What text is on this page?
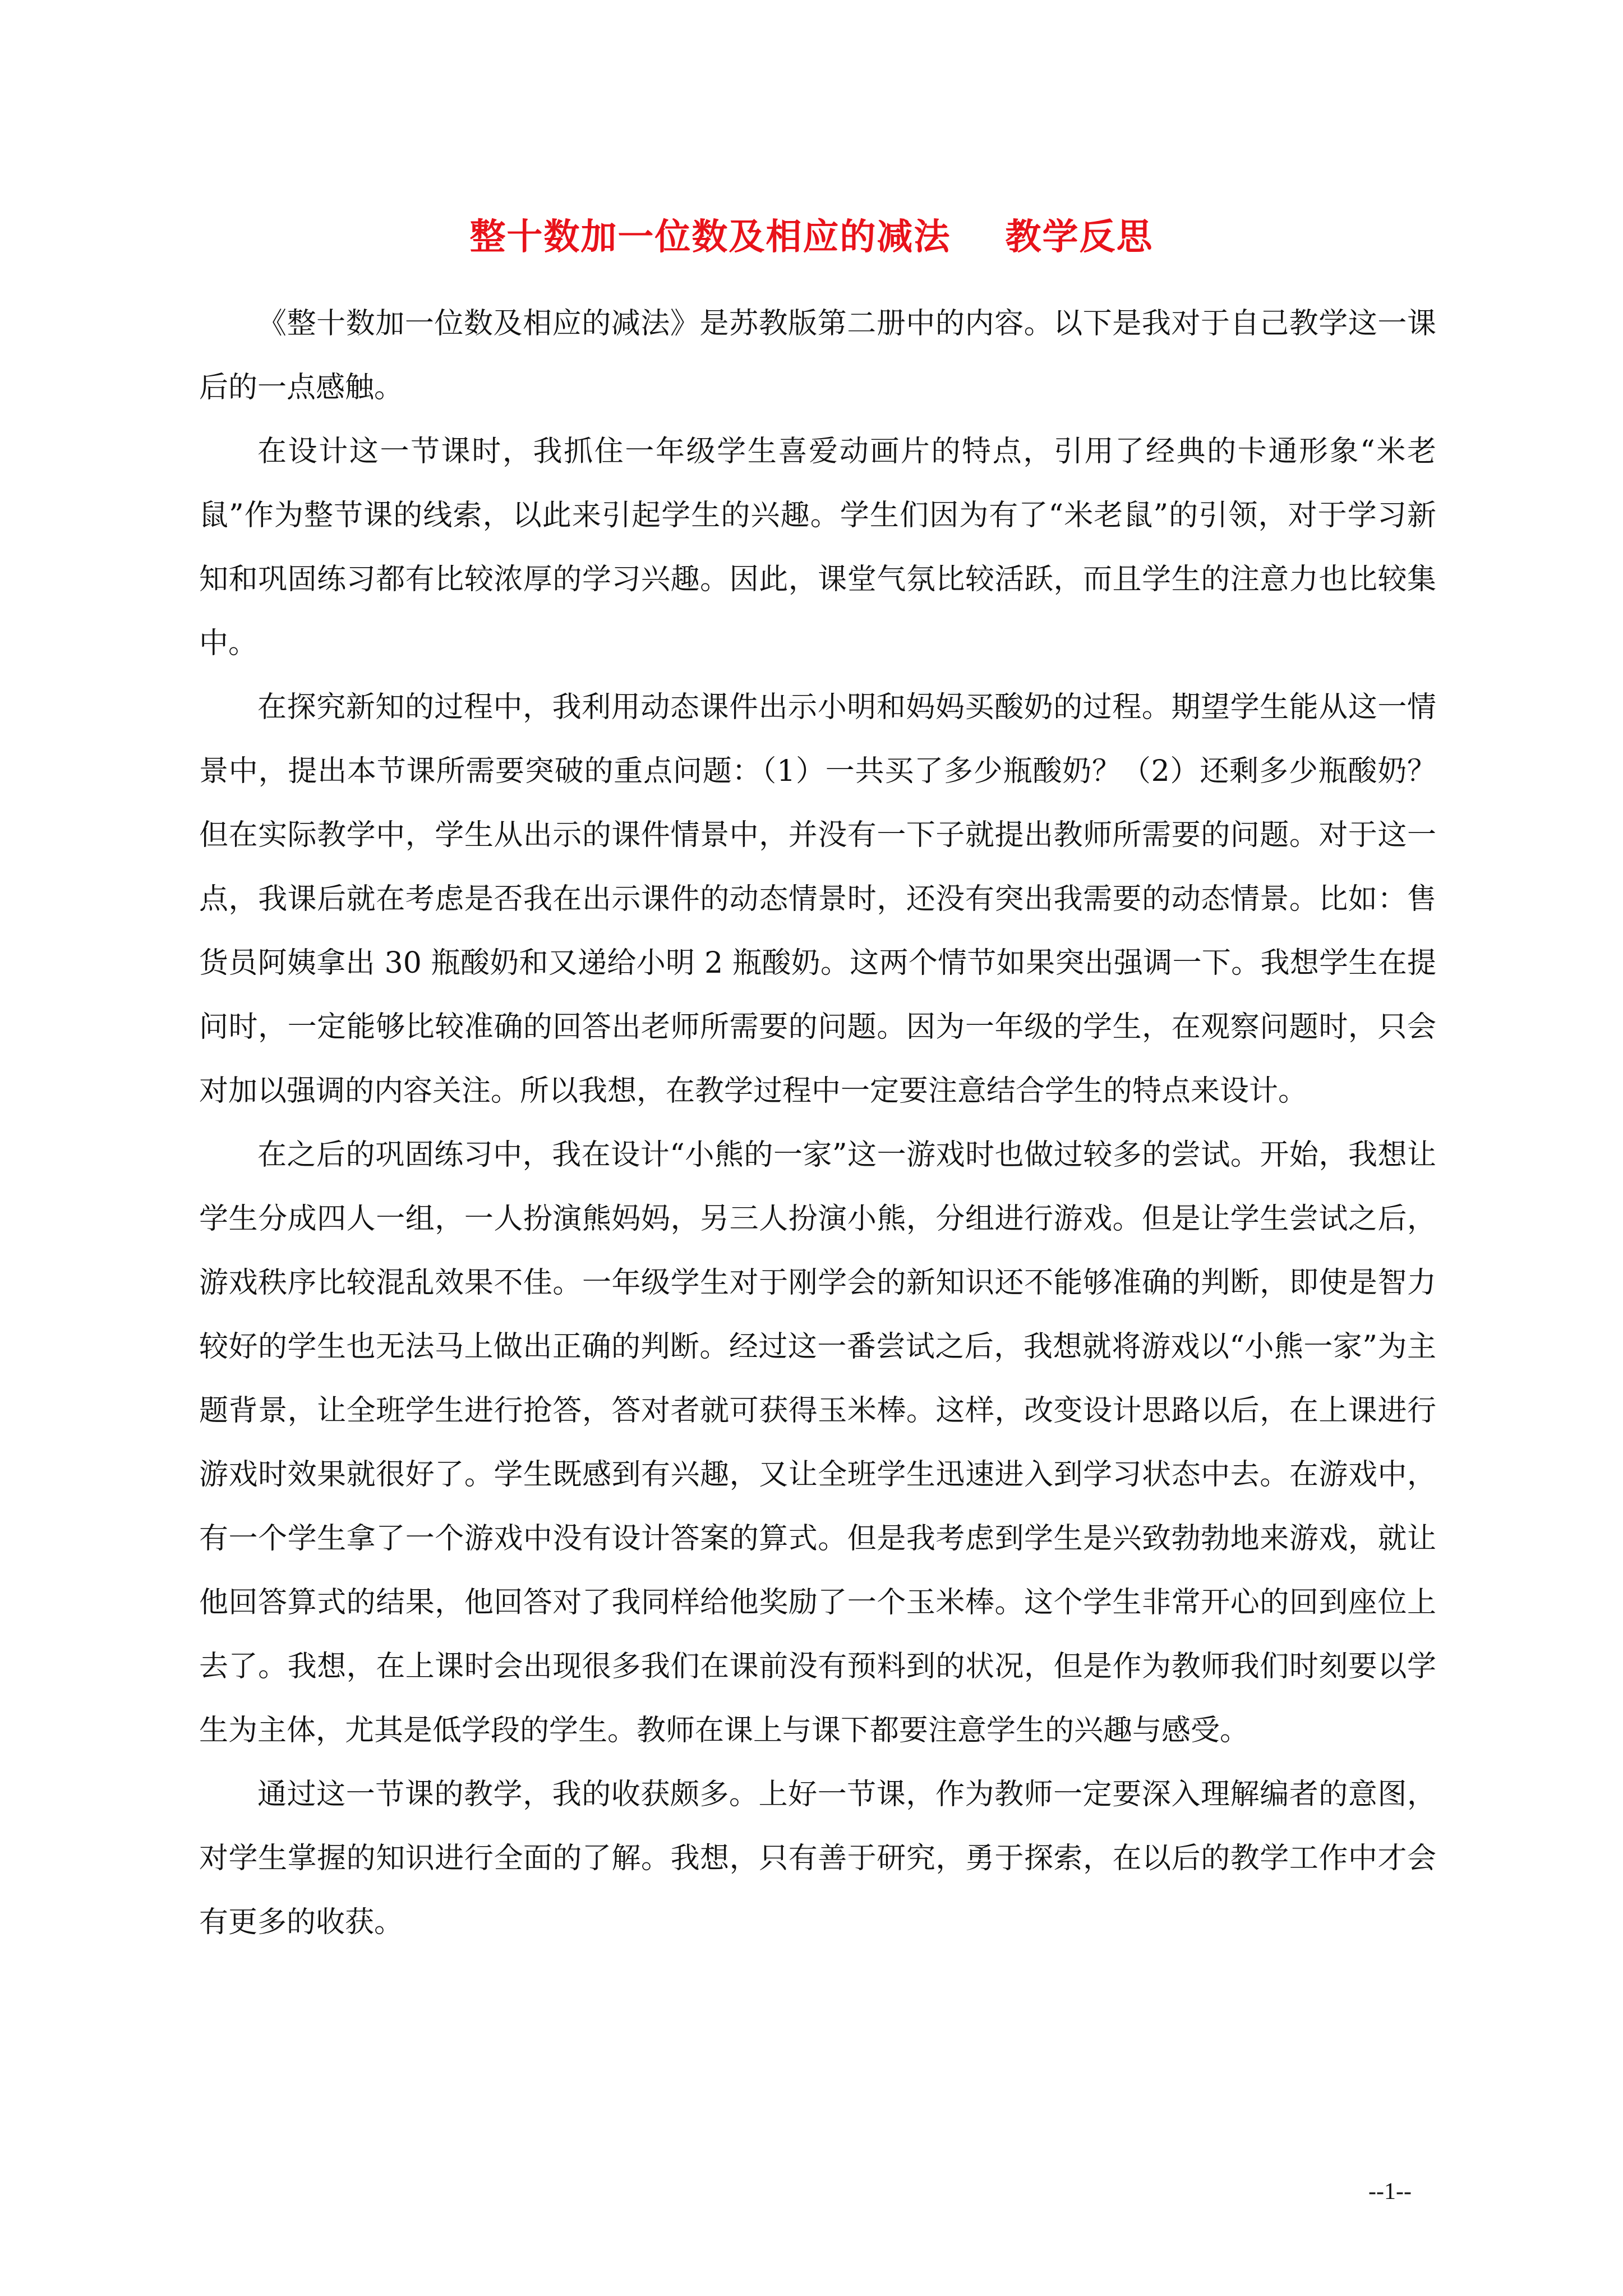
整十数加一位数及相应的减法    教学反思

《整十数加一位数及相应的减法》是苏教版第二册中的内容。以下是我对于自己教学这一课后的一点感触。

在设计这一节课时，我抓住一年级学生喜爱动画片的特点，引用了经典的卡通形象“米老鼠”作为整节课的线索，以此来引起学生的兴趣。学生们因为有了“米老鼠”的引领，对于学习新知和巩固练习都有比较浓厚的学习兴趣。因此，课堂气氛比较活跃，而且学生的注意力也比较集中。

在探究新知的过程中，我利用动态课件出示小明和妈妈买酸奶的过程。期望学生能从这一情景中，提出本节课所需要突破的重点问题：（1）一共买了多少瓶酸奶？（2）还剩多少瓶酸奶？但在实际教学中，学生从出示的课件情景中，并没有一下子就提出教师所需要的问题。对于这一点，我课后就在考虑是否我在出示课件的动态情景时，还没有突出我需要的动态情景。比如：售货员阿姨拿出 30 瓶酸奶和又递给小明 2 瓶酸奶。这两个情节如果突出强调一下。我想学生在提问时，一定能够比较准确的回答出老师所需要的问题。因为一年级的学生，在观察问题时，只会对加以强调的内容关注。所以我想，在教学过程中一定要注意结合学生的特点来设计。

在之后的巩固练习中，我在设计“小熊的一家”这一游戏时也做过较多的尝试。开始，我想让学生分成四人一组，一人扮演熊妈妈，另三人扮演小熊，分组进行游戏。但是让学生尝试之后，游戏秩序比较混乱效果不佳。一年级学生对于刚学会的新知识还不能够准确的判断，即使是智力较好的学生也无法马上做出正确的判断。经过这一番尝试之后，我想就将游戏以“小熊一家”为主题背景，让全班学生进行抢答，答对者就可获得玉米棒。这样，改变设计思路以后，在上课进行游戏时效果就很好了。学生既感到有兴趣，又让全班学生迅速进入到学习状态中去。在游戏中，有一个学生拿了一个游戏中没有设计答案的算式。但是我考虑到学生是兴致勃勃地来游戏，就让他回答算式的结果，他回答对了我同样给他奖励了一个玉米棒。这个学生非常开心的回到座位上去了。我想，在上课时会出现很多我们在课前没有预料到的状况，但是作为教师我们时刻要以学生为主体，尤其是低学段的学生。教师在课上与课下都要注意学生的兴趣与感受。

通过这一节课的教学，我的收获颇多。上好一节课，作为教师一定要深入理解编者的意图，对学生掌握的知识进行全面的了解。我想，只有善于研究，勇于探索，在以后的教学工作中才会有更多的收获。

--1--
